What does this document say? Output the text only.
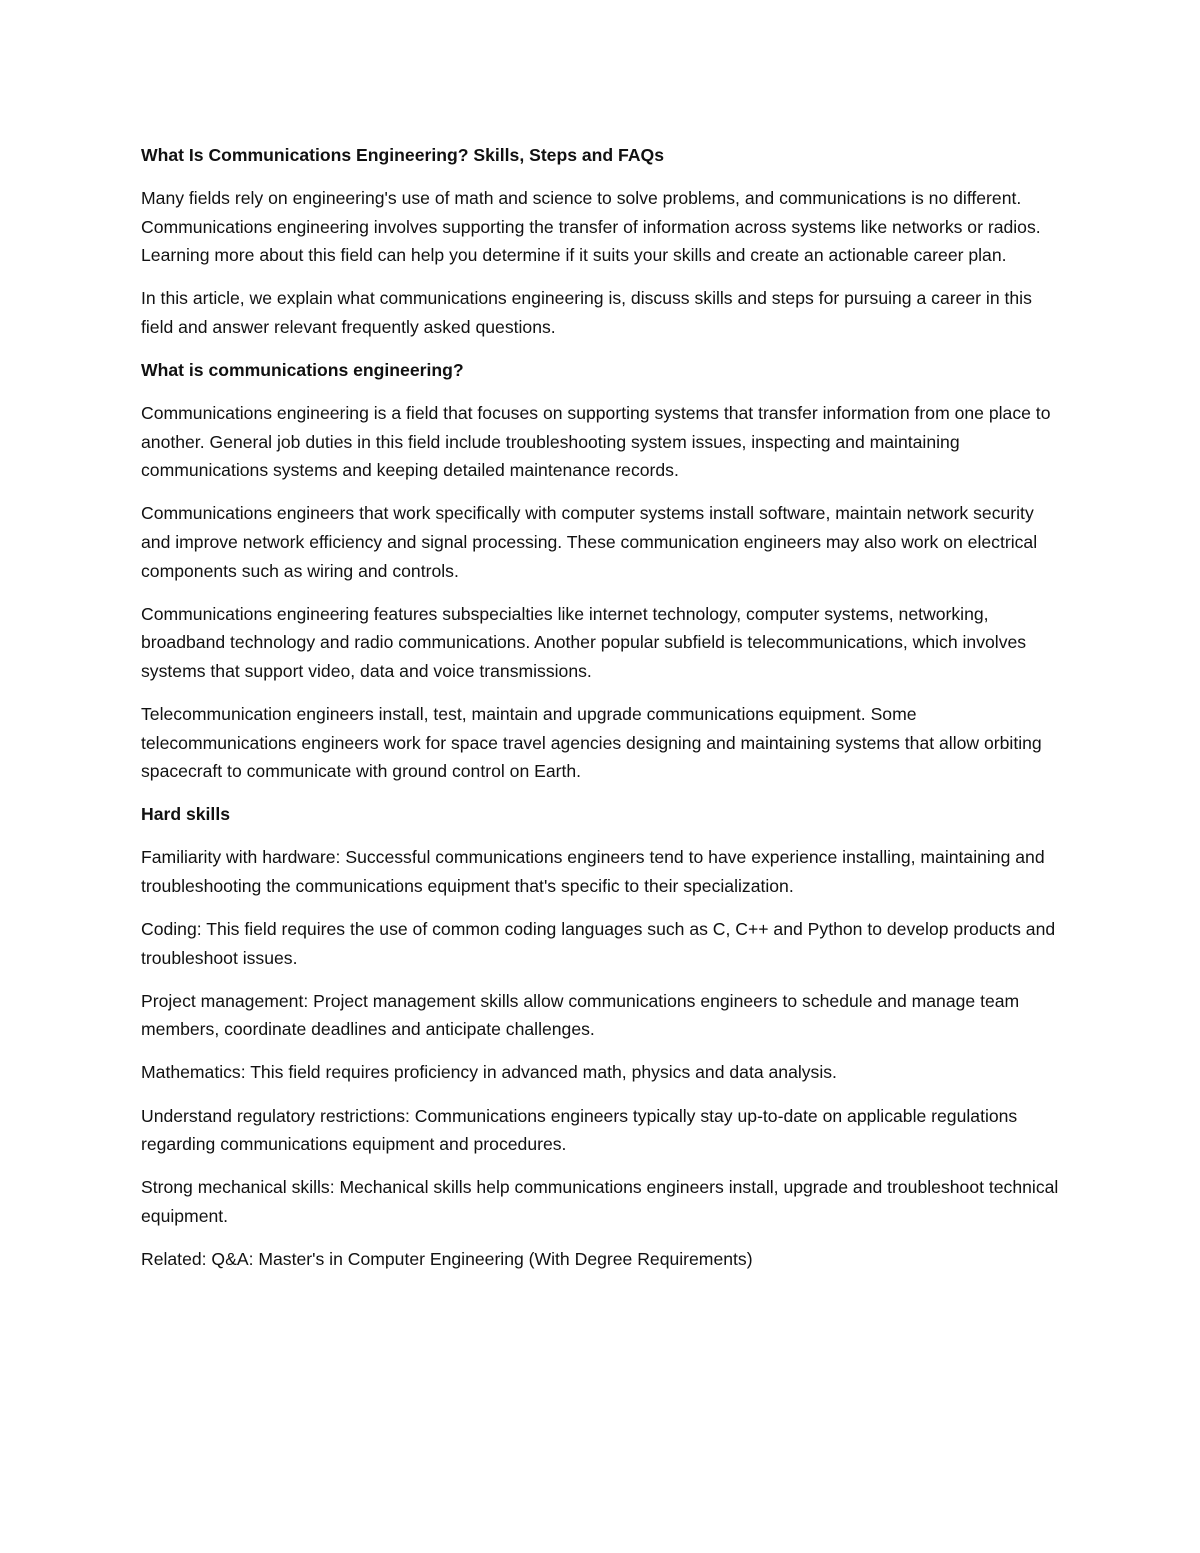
What Is Communications Engineering? Skills, Steps and FAQs

Many fields rely on engineering's use of math and science to solve problems, and communications is no different. Communications engineering involves supporting the transfer of information across systems like networks or radios. Learning more about this field can help you determine if it suits your skills and create an actionable career plan.

In this article, we explain what communications engineering is, discuss skills and steps for pursuing a career in this field and answer relevant frequently asked questions.

What is communications engineering?

Communications engineering is a field that focuses on supporting systems that transfer information from one place to another. General job duties in this field include troubleshooting system issues, inspecting and maintaining communications systems and keeping detailed maintenance records.

Communications engineers that work specifically with computer systems install software, maintain network security and improve network efficiency and signal processing. These communication engineers may also work on electrical components such as wiring and controls.

Communications engineering features subspecialties like internet technology, computer systems, networking, broadband technology and radio communications. Another popular subfield is telecommunications, which involves systems that support video, data and voice transmissions.

Telecommunication engineers install, test, maintain and upgrade communications equipment. Some telecommunications engineers work for space travel agencies designing and maintaining systems that allow orbiting spacecraft to communicate with ground control on Earth.

Hard skills

Familiarity with hardware: Successful communications engineers tend to have experience installing, maintaining and troubleshooting the communications equipment that's specific to their specialization.

Coding: This field requires the use of common coding languages such as C, C++ and Python to develop products and troubleshoot issues.

Project management: Project management skills allow communications engineers to schedule and manage team members, coordinate deadlines and anticipate challenges.

Mathematics: This field requires proficiency in advanced math, physics and data analysis.

Understand regulatory restrictions: Communications engineers typically stay up-to-date on applicable regulations regarding communications equipment and procedures.

Strong mechanical skills: Mechanical skills help communications engineers install, upgrade and troubleshoot technical equipment.

Related: Q&A: Master's in Computer Engineering (With Degree Requirements)
